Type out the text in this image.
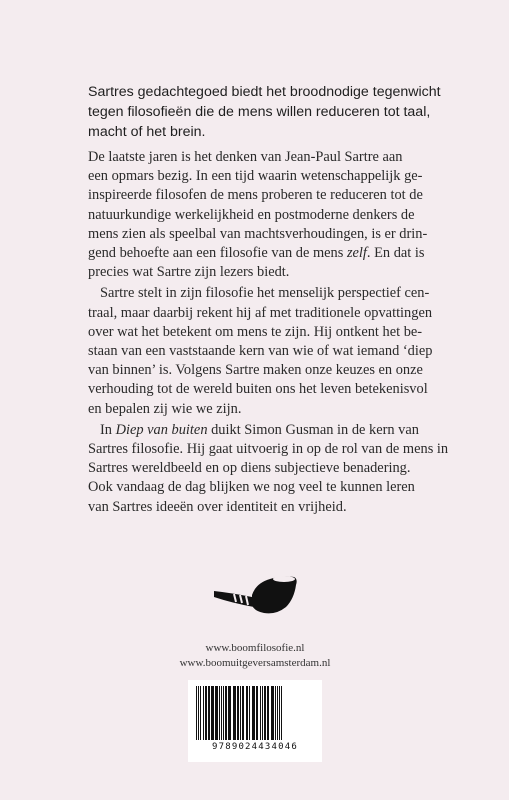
Sartres gedachtegoed biedt het broodnodige tegenwicht
tegen filosofieën die de mens willen reduceren tot taal,
macht of het brein.

De laatste jaren is het denken van Jean-Paul Sartre aan
een opmars bezig. In een tijd waarin wetenschappelijk ge-
inspireerde filosofen de mens proberen te reduceren tot de
natuurkundige werkelijkheid en postmoderne denkers de
mens zien als speelbal van machtsverhoudingen, is er drin-
gend behoefte aan een filosofie van de mens zelf. En dat is
precies wat Sartre zijn lezers biedt.

Sartre stelt in zijn filosofie het menselijk perspectief cen-
traal, maar daarbij rekent hij af met traditionele opvattingen
over wat het betekent om mens te zijn. Hij ontkent het be-
staan van een vaststaande kern van wie of wat iemand ‘diep
van binnen’ is. Volgens Sartre maken onze keuzes en onze
verhouding tot de wereld buiten ons het leven betekenisvol
en bepalen zij wie we zijn.

In Diep van buiten duikt Simon Gusman in de kern van
Sartres filosofie. Hij gaat uitvoerig in op de rol van de mens in
Sartres wereldbeeld en op diens subjectieve benadering.
Ook vandaag de dag blijken we nog veel te kunnen leren
van Sartres ideeën over identiteit en vrijheid.

www.boomfilosofie.nl
www.boomuitgeversamsterdam.nl
9789024434046
